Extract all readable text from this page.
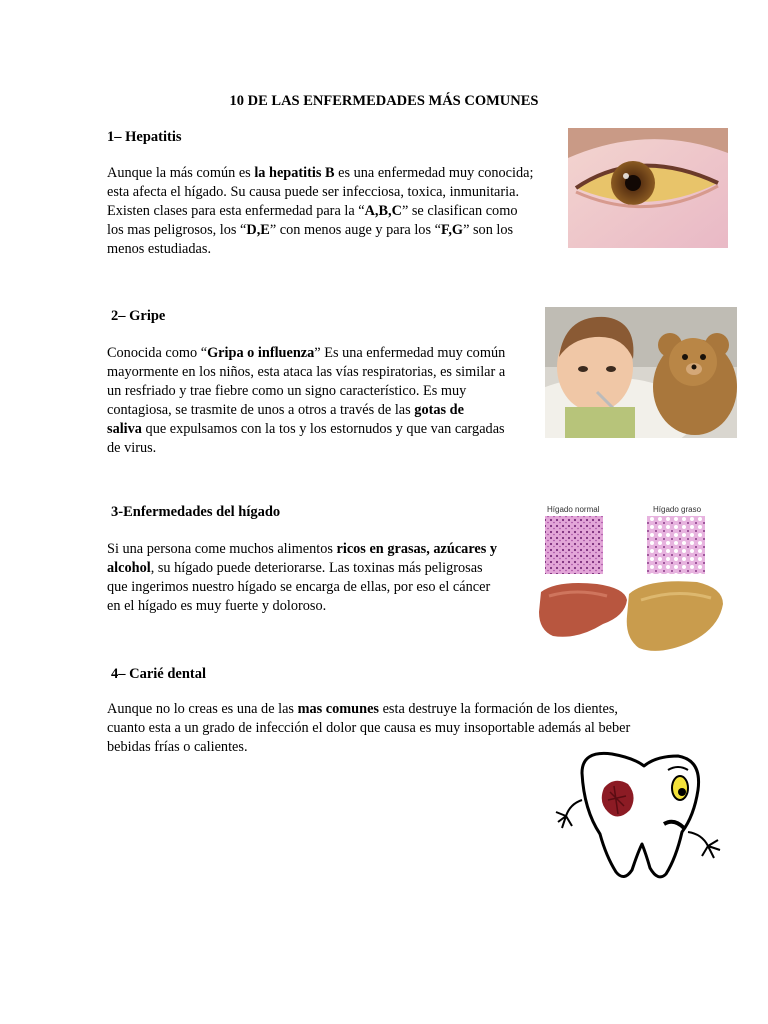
10 DE LAS ENFERMEDADES MÁS COMUNES
1– Hepatitis

Aunque la más común es la hepatitis B es una enfermedad muy conocida;

esta afecta el hígado. Su causa puede ser infecciosa, toxica, inmunitaria.

Existen clases para esta enfermedad para la “A,B,C” se clasifican como

los mas peligrosos, los “D,E” con menos auge y para los “F,G” son los

menos estudiadas.

2– Gripe

Conocida como “Gripa o influenza” Es una enfermedad muy común

mayormente en los niños, esta ataca las vías respiratorias, es similar a

un resfriado y trae fiebre como un signo característico. Es muy

contagiosa, se trasmite de unos a otros a través de las gotas de

saliva que expulsamos con la tos y los estornudos y que van cargadas

de virus.

3-Enfermedades del hígado

Si una persona come muchos alimentos ricos en grasas, azúcares y

alcohol, su hígado puede deteriorarse. Las toxinas más peligrosas

que ingerimos nuestro hígado se encarga de ellas, por eso el cáncer

en el hígado es muy fuerte y doloroso.

Hígado normal	Hígado graso
4– Carié dental

Aunque no lo creas es una de las mas comunes esta destruye la formación de los dientes,

cuanto esta a un grado de infección el dolor que causa es muy insoportable además al beber

bebidas frías o calientes.
